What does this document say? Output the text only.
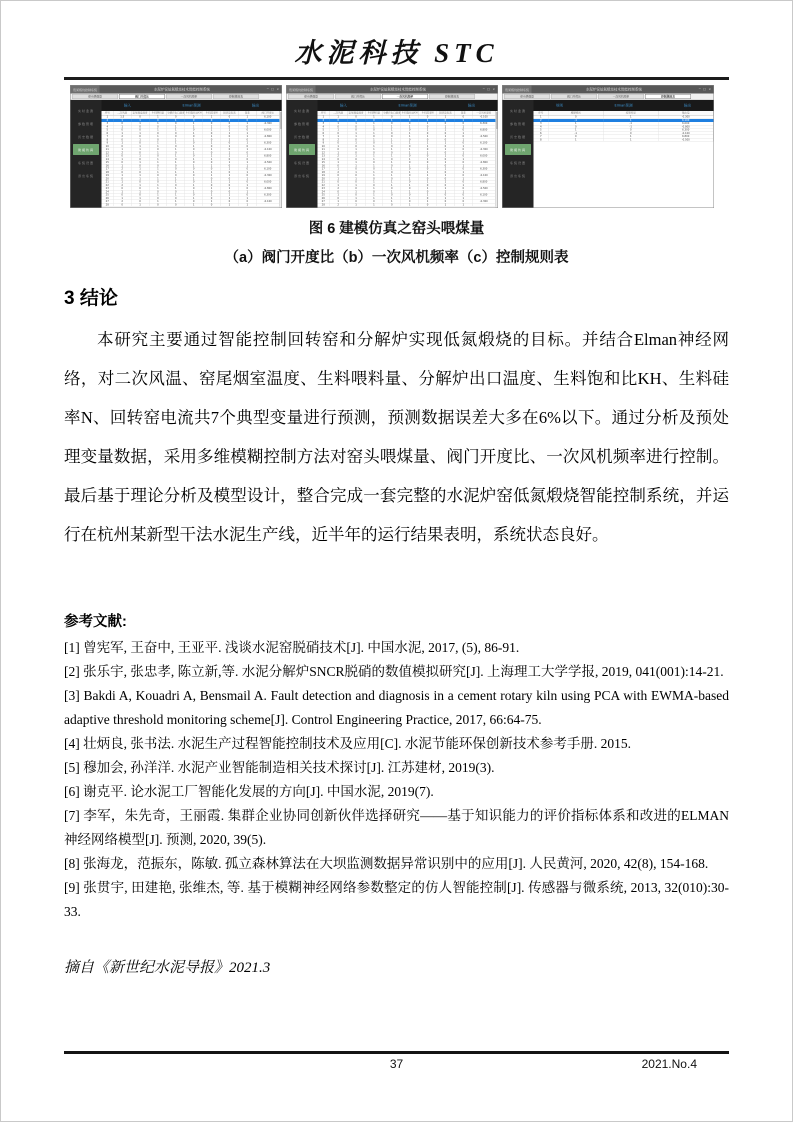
水泥科技 STC
低氮煅烧控制系统	水泥炉窑低氮煅烧技术智能控制系统	─ □ ×
窑头喂煤量	阀门开度比	一次风机频率	控制规则表
实时监测
参数管理
历史数据
建模仿真
系统设置
退出系统
输入	Elman预测	输出
序号	二次风温	窑尾烟室温度 生料喂料量 分解炉出口温度 生料饱和比KH 生料硅率N	回转窑电流	误差	阀门开度比
1	1.5	0	1	0	0	1	0	1	6.100
2	1	1	0	1	0	0	1	0
3	0	1	1	0	1	0	0	1	-0.300
4	1	0	0	1	1	1	0	0
5	0	0	1	1	0	1	1	0	6.000
6	1	1	0	0	1	0	1	1
7	2	0	1	0	0	1	0	1	-0.800
8	0	1	0	1	1	0	1	0
9	1	0	1	1	0	1	0	1	6.300
10	0	1	1	0	1	0	1	0
11	1	1	0	1	0	1	0	1	-0.100
12	2	0	1	0	1	0	1	0
13	0	1	0	1	0	1	1	1	6.800
14	1	0	1	0	1	1	0	0
15	0	1	1	1	0	0	1	1	-0.500
16	1	0	0	0	1	1	0	1
17	2	1	1	0	0	0	1	0	6.100
18	0	0	1	1	1	1	0	1
19	1	1	0	0	0	1	1	0	-0.300
20	0	1	1	1	1	0	0	1
21	1	0	0	1	0	1	1	0	6.000
22	2	1	1	0	1	0	0	1
23	0	0	1	1	0	1	1	0	-0.800
24	1	1	0	0	1	0	0	1
25	0	0	1	1	0	1	1	0	6.300
26	1	1	0	0	1	0	1	1
27	2	0	1	1	0	1	0	0	-0.100
28	0	1	0	0	1	0	1	1
低氮煅烧控制系统	水泥炉窑低氮煅烧技术智能控制系统	─ □ ×
窑头喂煤量	阀门开度比	一次风机频率	控制规则表
实时监测
参数管理
历史数据
建模仿真
系统设置
退出系统
输入	Elman预测	输出
序号	二次风温	窑尾烟室温度 生料喂料量 分解炉出口温度 生料饱和比KH 生料硅率N	回转窑电流	误差	一次风机频率
1	1	0	1	0	1	0	1	0	-0.100
2	0	1	0	1	0	1	0	1
3	1	1	1	0	0	1	0	0	6.300
4	0	0	1	1	1	0	1	1
5	1	0	0	1	0	1	1	0	6.800
6	0	1	1	0	1	0	0	1
7	1	1	0	0	1	1	1	0	-0.500
8	2	0	1	1	0	0	0	1
9	0	1	0	1	1	1	1	0	6.100
10	1	0	1	0	0	1	0	1
11	0	1	1	1	1	0	1	0	-0.300
12	1	0	0	0	1	1	0	1
13	2	1	1	1	0	0	1	0	6.000
14	0	0	1	0	1	1	0	1
15	1	1	0	1	0	0	1	0	-0.800
16	0	1	1	0	1	1	0	1
17	1	0	0	1	0	0	1	0	6.300
18	2	1	1	0	1	1	0	1
19	0	0	1	1	0	1	1	0	-0.100
20	1	1	0	0	1	0	0	1
21	0	0	1	1	0	1	1	0	6.800
22	1	1	0	1	1	0	0	1
23	2	0	1	0	0	1	1	0	-0.500
24	0	1	0	1	1	0	1	1
25	1	0	1	0	0	1	0	0	6.100
26	0	1	1	1	1	0	1	1
27	1	0	0	1	0	1	0	0	-0.300
28	2	1	1	0	1	0	1	1
低氮煅烧控制系统	水泥炉窑低氮煅烧技术智能控制系统	─ □ ×
窑头喂煤量	阀门开度比	一次风机频率	控制规则表
实时监测
参数管理
历史数据
建模仿真
系统设置
退出系统
规则	Elman预测	输出
序号	模糊规则	控制变量	输出值
1	0	1	-0.300
2	-1	1	6.100
3	1	-1	6.000
4	0	-1	-0.800
5	1	0	6.300
6	-1	0	-0.100
7	0	1	6.800
8	1	1	-0.500
图 6 建模仿真之窑头喂煤量
（a）阀门开度比（b）一次风机频率（c）控制规则表
3 结论

本研究主要通过智能控制回转窑和分解炉实现低氮煅烧的目标。并结合Elman神经网络，对二次风温、窑尾烟室温度、生料喂料量、分解炉出口温度、生料饱和比KH、生料硅率N、回转窑电流共7个典型变量进行预测，预测数据误差大多在6%以下。通过分析及预处理变量数据，采用多维模糊控制方法对窑头喂煤量、阀门开度比、一次风机频率进行控制。最后基于理论分析及模型设计，整合完成一套完整的水泥炉窑低氮煅烧智能控制系统，并运行在杭州某新型干法水泥生产线，近半年的运行结果表明，系统状态良好。

参考文献:
[1] 曾宪军, 王奋中, 王亚平. 浅谈水泥窑脱硝技术[J]. 中国水泥, 2017, (5), 86-91.
[2] 张乐宇, 张忠孝, 陈立新,等. 水泥分解炉SNCR脱硝的数值模拟研究[J]. 上海理工大学学报, 2019, 041(001):14-21.
[3] Bakdi A, Kouadri A, Bensmail A. Fault detection and diagnosis in a cement rotary kiln using PCA with EWMA-based adaptive threshold monitoring scheme[J]. Control Engineering Practice, 2017, 66:64-75.
[4] 壮炳良, 张书法. 水泥生产过程智能控制技术及应用[C]. 水泥节能环保创新技术参考手册. 2015.
[5] 穆加会, 孙洋洋. 水泥产业智能制造相关技术探讨[J]. 江苏建材, 2019(3).
[6] 谢克平. 论水泥工厂智能化发展的方向[J]. 中国水泥, 2019(7).
[7] 李军，朱先奇，王丽霞. 集群企业协同创新伙伴选择研究——基于知识能力的评价指标体系和改进的ELMAN 神经网络模型[J]. 预测, 2020, 39(5).
[8] 张海龙，范振东，陈敏. 孤立森林算法在大坝监测数据异常识别中的应用[J]. 人民黄河, 2020, 42(8), 154-168.
[9] 张贯宇, 田建艳, 张维杰, 等. 基于模糊神经网络参数整定的仿人智能控制[J]. 传感器与微系统, 2013, 32(010):30-33.
摘自《新世纪水泥导报》2021.3
37	2021.No.4
